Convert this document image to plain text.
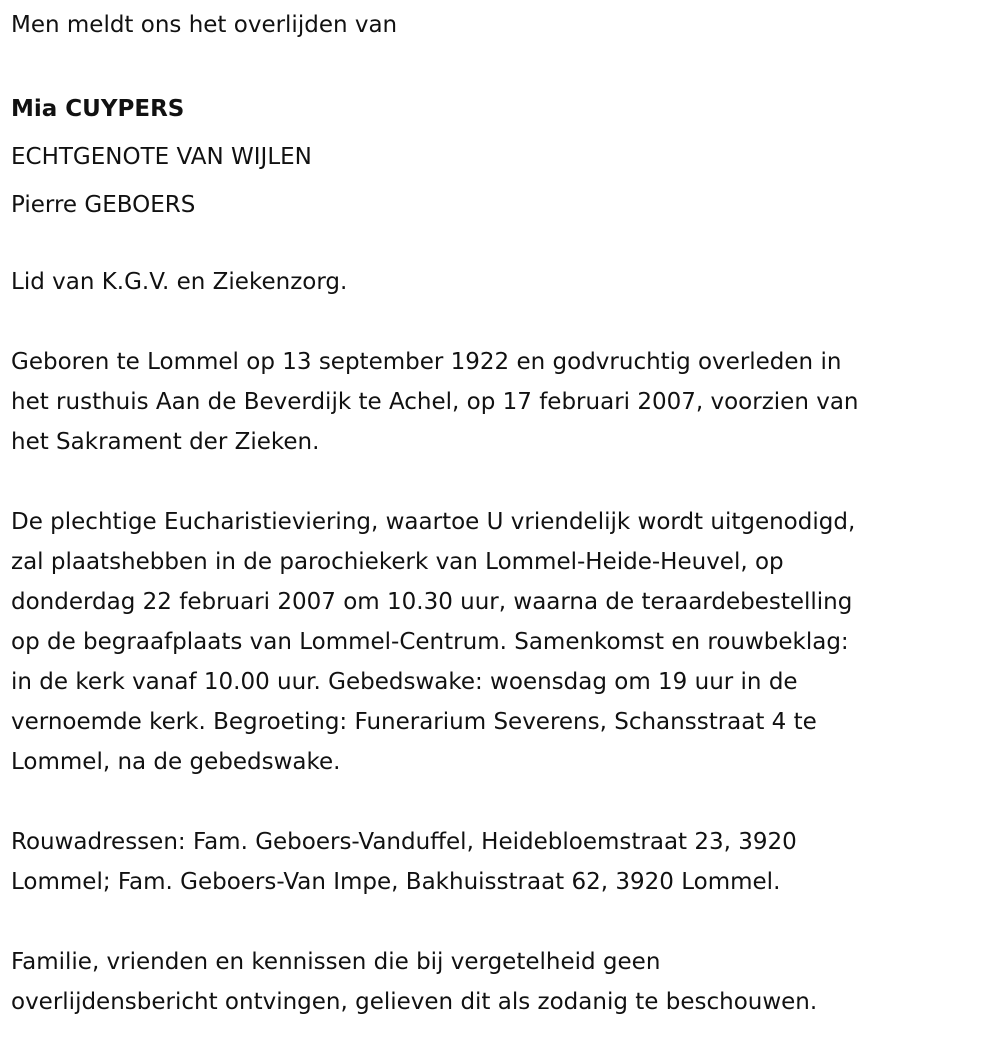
Men meldt ons het overlijden van
Mia CUYPERS
ECHTGENOTE VAN WIJLEN
Pierre GEBOERS
Lid van K.G.V. en Ziekenzorg.
Geboren te Lommel op 13 september 1922 en godvruchtig overleden in
het rusthuis Aan de Beverdijk te Achel, op 17 februari 2007, voorzien van
het Sakrament der Zieken.
De plechtige Eucharistieviering, waartoe U vriendelijk wordt uitgenodigd,
zal plaatshebben in de parochiekerk van Lommel-Heide-Heuvel, op
donderdag 22 februari 2007 om 10.30 uur, waarna de teraardebestelling
op de begraafplaats van Lommel-Centrum. Samenkomst en rouwbeklag:
in de kerk vanaf 10.00 uur. Gebedswake: woensdag om 19 uur in de
vernoemde kerk. Begroeting: Funerarium Severens, Schansstraat 4 te
Lommel, na de gebedswake.
Rouwadressen: Fam. Geboers-Vanduffel, Heidebloemstraat 23, 3920
Lommel; Fam. Geboers-Van Impe, Bakhuisstraat 62, 3920 Lommel.
Familie, vrienden en kennissen die bij vergetelheid geen
overlijdensbericht ontvingen, gelieven dit als zodanig te beschouwen.
